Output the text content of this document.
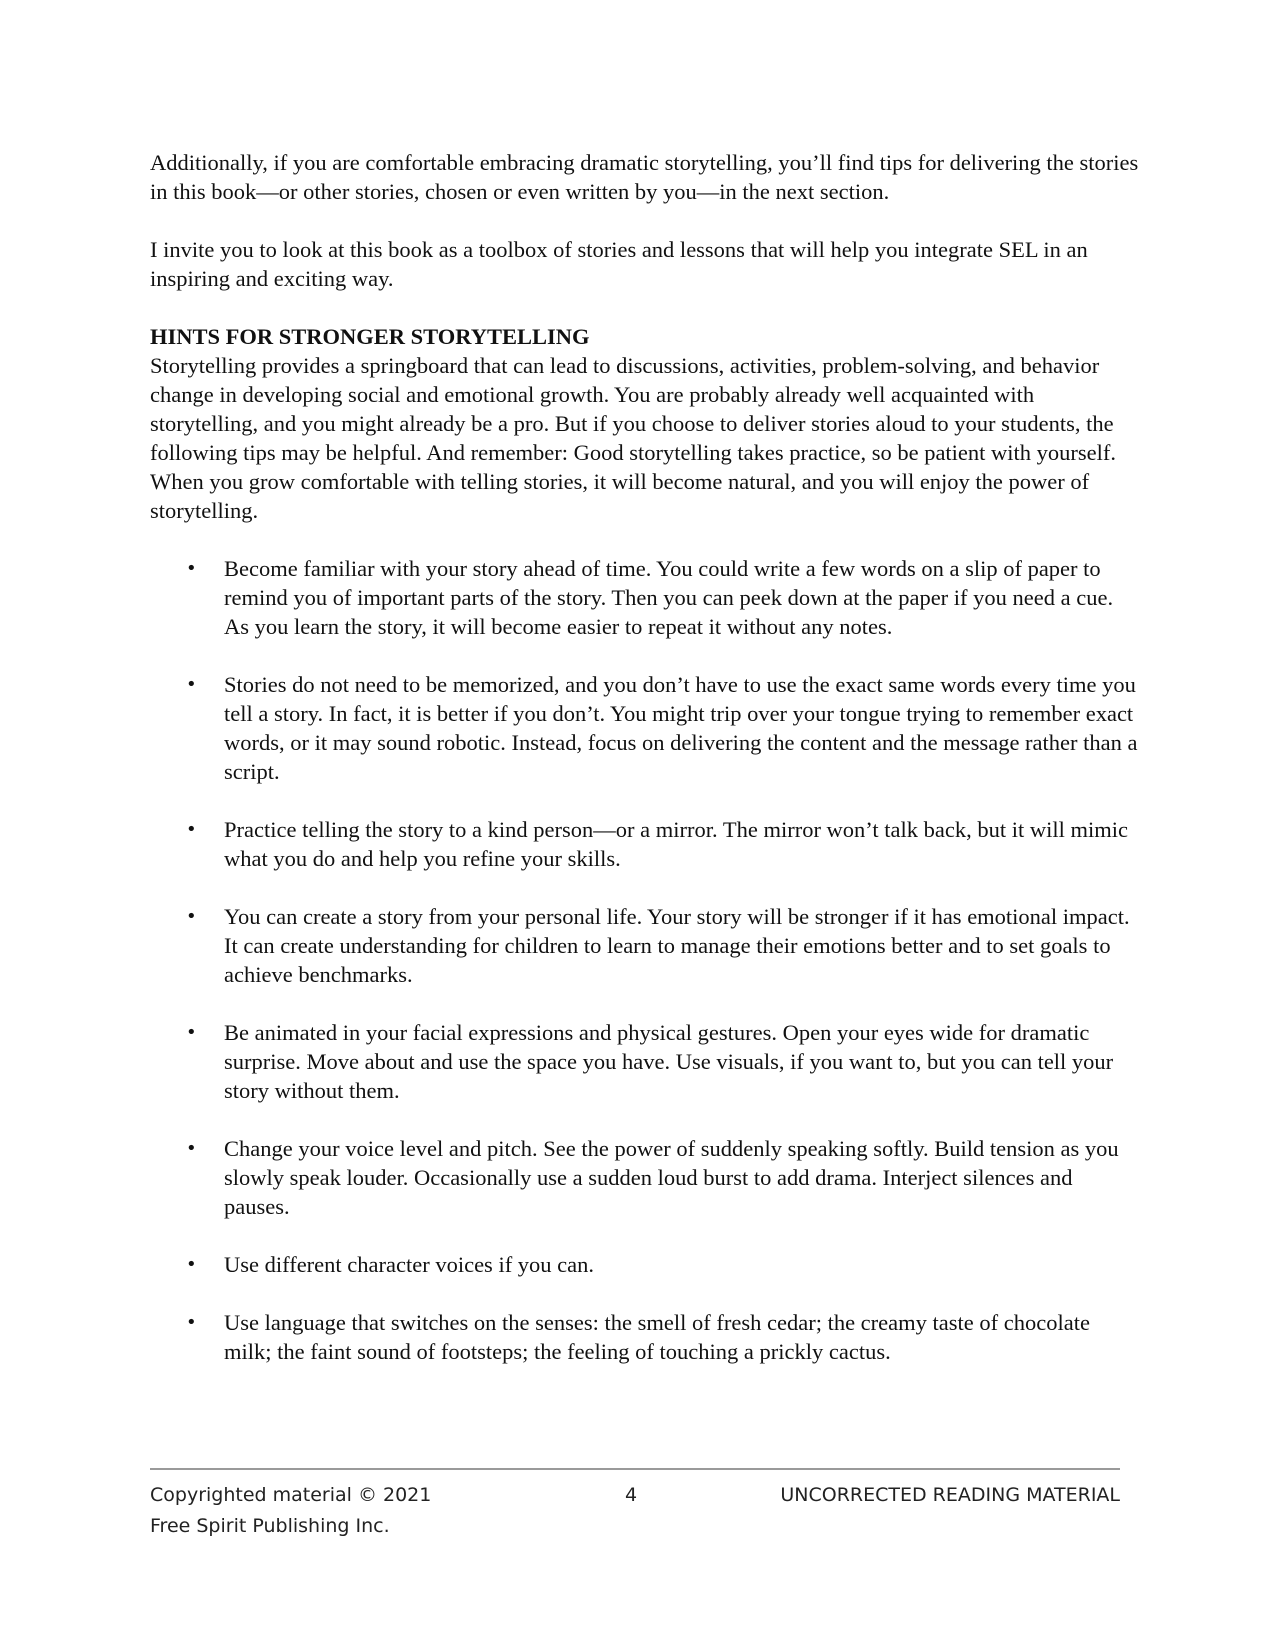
Additionally, if you are comfortable embracing dramatic storytelling, you’ll find tips for delivering the stories in this book—or other stories, chosen or even written by you—in the next section.

I invite you to look at this book as a toolbox of stories and lessons that will help you integrate SEL in an inspiring and exciting way.

HINTS FOR STRONGER STORYTELLING

Storytelling provides a springboard that can lead to discussions, activities, problem-solving, and behavior change in developing social and emotional growth. You are probably already well acquainted with storytelling, and you might already be a pro. But if you choose to deliver stories aloud to your students, the following tips may be helpful. And remember: Good storytelling takes practice, so be patient with yourself. When you grow comfortable with telling stories, it will become natural, and you will enjoy the power of storytelling.

• Become familiar with your story ahead of time. You could write a few words on a slip of paper to remind you of important parts of the story. Then you can peek down at the paper if you need a cue. As you learn the story, it will become easier to repeat it without any notes.
• Stories do not need to be memorized, and you don’t have to use the exact same words every time you tell a story. In fact, it is better if you don’t. You might trip over your tongue trying to remember exact words, or it may sound robotic. Instead, focus on delivering the content and the message rather than a script.
• Practice telling the story to a kind person—or a mirror. The mirror won’t talk back, but it will mimic what you do and help you refine your skills.
• You can create a story from your personal life. Your story will be stronger if it has emotional impact. It can create understanding for children to learn to manage their emotions better and to set goals to achieve benchmarks.
• Be animated in your facial expressions and physical gestures. Open your eyes wide for dramatic surprise. Move about and use the space you have. Use visuals, if you want to, but you can tell your story without them.
• Change your voice level and pitch. See the power of suddenly speaking softly. Build tension as you slowly speak louder. Occasionally use a sudden loud burst to add drama. Interject silences and pauses.
• Use different character voices if you can.
• Use language that switches on the senses: the smell of fresh cedar; the creamy taste of chocolate milk; the faint sound of footsteps; the feeling of touching a prickly cactus.
Copyrighted material © 2021
Free Spirit Publishing Inc.
4	UNCORRECTED READING MATERIAL
